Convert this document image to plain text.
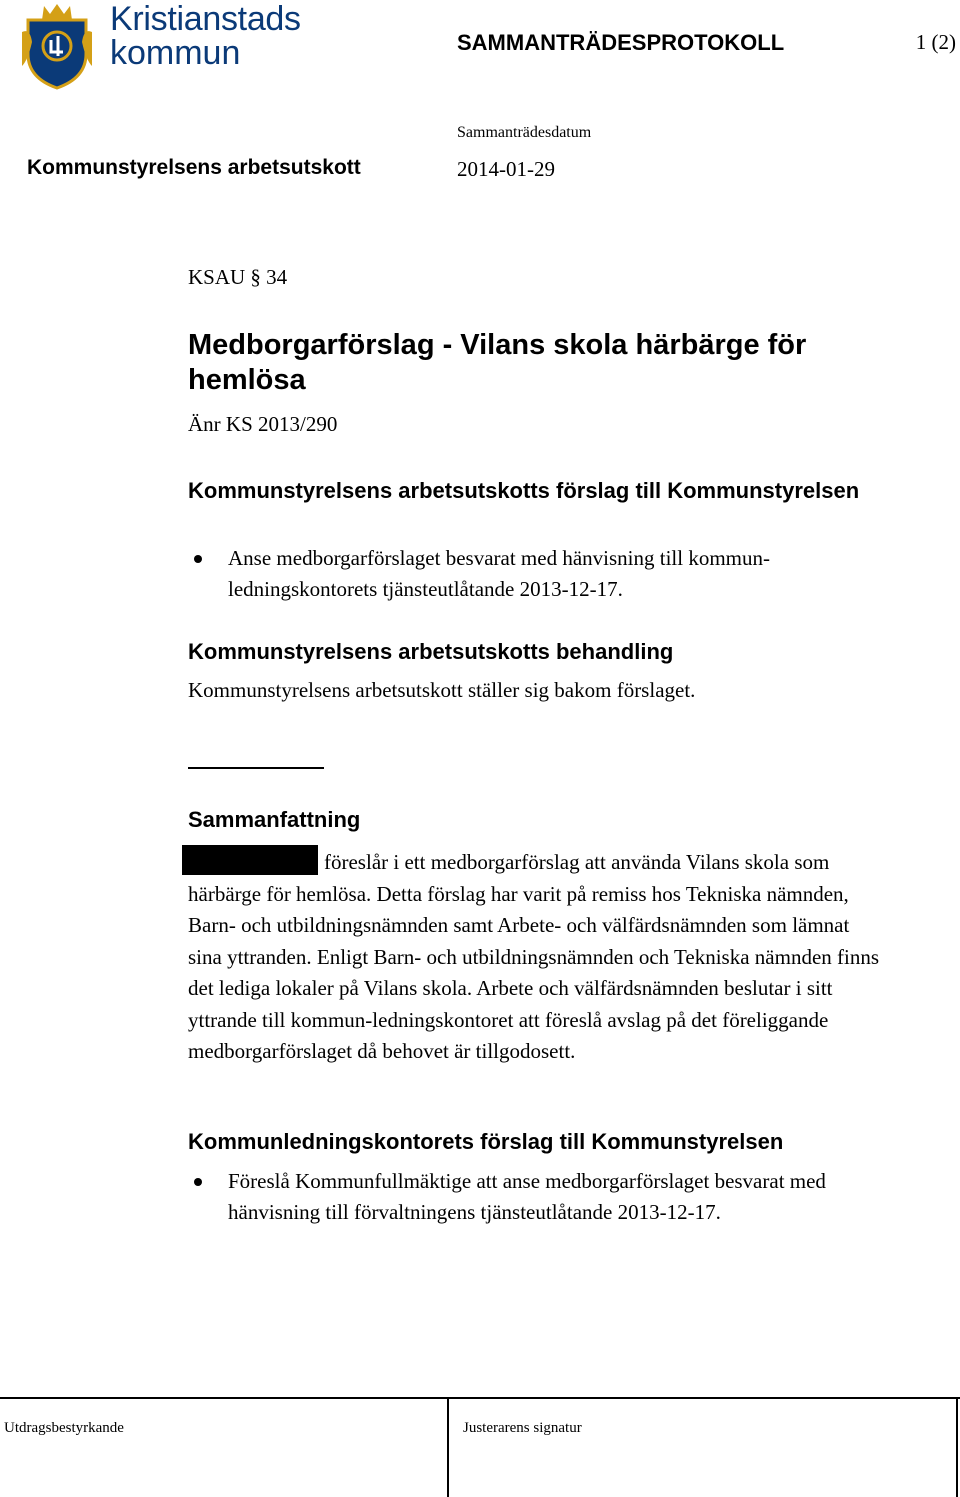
Kristianstads
kommun	SAMMANTRÄDESPROTOKOLL	1 (2)
Sammanträdesdatum
Kommunstyrelsens arbetsutskott	2014-01-29
KSAU § 34
Medborgarförslag - Vilans skola härbärge för hemlösa
Änr KS 2013/290
Kommunstyrelsens arbetsutskotts förslag till Kommunstyrelsen
Anse medborgarförslaget besvarat med hänvisning till kommun-ledningskontorets tjänsteutlåtande 2013-12-17.
Kommunstyrelsens arbetsutskotts behandling
Kommunstyrelsens arbetsutskott ställer sig bakom förslaget.
Sammanfattning
föreslår i ett medborgarförslag att använda Vilans skola som härbärge för hemlösa. Detta förslag har varit på remiss hos Tekniska nämnden, Barn- och utbildningsnämnden samt Arbete- och välfärdsnämnden som lämnat sina yttranden. Enligt Barn- och utbildningsnämnden och Tekniska nämnden finns det lediga lokaler på Vilans skola. Arbete och välfärdsnämnden beslutar i sitt yttrande till kommun-ledningskontoret att föreslå avslag på det föreliggande medborgarförslaget då behovet är tillgodosett.
Kommunledningskontorets förslag till Kommunstyrelsen
Föreslå Kommunfullmäktige att anse medborgarförslaget besvarat med hänvisning till förvaltningens tjänsteutlåtande 2013-12-17.
Utdragsbestyrkande	Justerarens signatur
